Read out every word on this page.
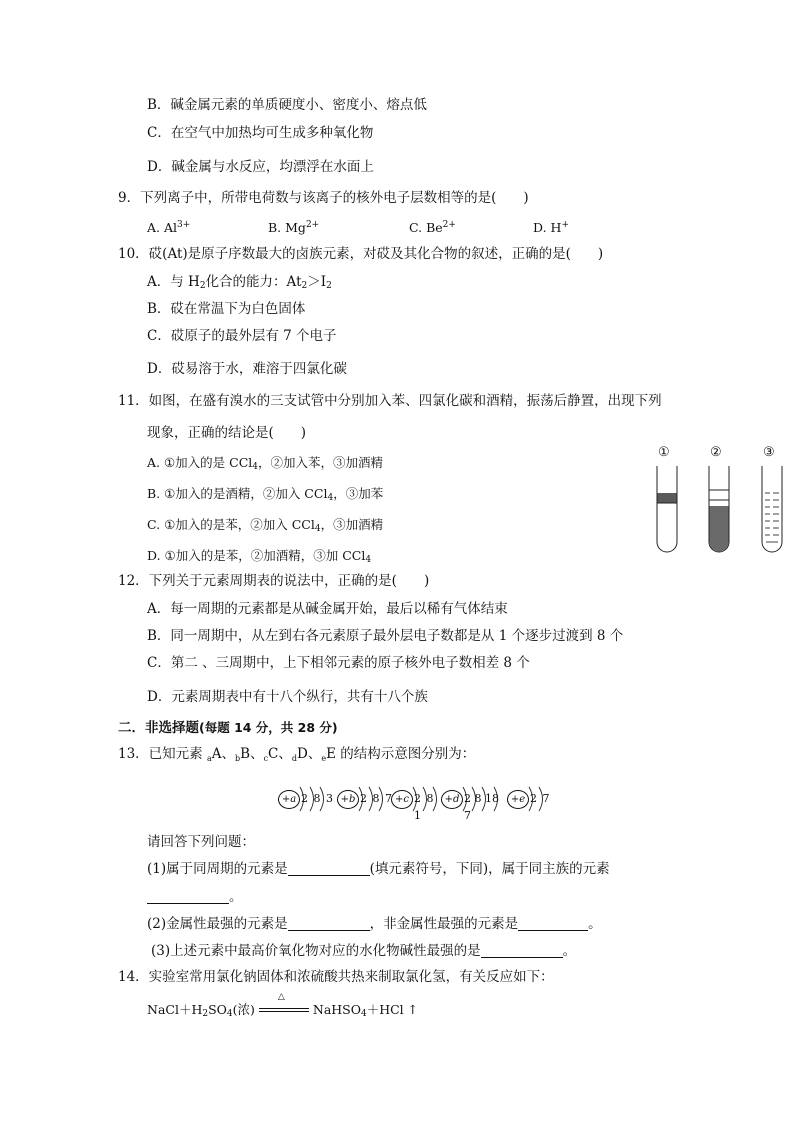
B．碱金属元素的单质硬度小、密度小、熔点低
C．在空气中加热均可生成多种氧化物
D．碱金属与水反应，均漂浮在水面上
9．下列离子中，所带电荷数与该离子的核外电子层数相等的是(　　)
A. $Al^{3+}$	B. $Mg^{2+}$	C. $Be^{2+}$	D. H+
10．砹(At)是原子序数最大的卤族元素，对砹及其化合物的叙述，正确的是(　　)
A．与 $H_2$化合的能力：$At_2>I_2$
B．砹在常温下为白色固体
C．砹原子的最外层有 7 个电子
D．砹易溶于水，难溶于四氯化碳
11．如图，在盛有溴水的三支试管中分别加入苯、四氯化碳和酒精，振荡后静置，出现下列
现象，正确的结论是(　　)
A. ①加入的是 CCl$_4$，②加入苯，③加酒精
B. ①加入的是酒精，②加入 CCl$_4$，③加苯
C. ①加入的是苯，②加入 CCl$_4$，③加酒精
D. ①加入的是苯，②加酒精，③加 CCl$_4$
①	②	③
12．下列关于元素周期表的说法中，正确的是(　　)
A．每一周期的元素都是从碱金属开始，最后以稀有气体结束
B．同一周期中，从左到右各元素原子最外层电子数都是从 1 个逐步过渡到 8 个
C．第二 、三周期中，上下相邻元素的原子核外电子数相差 8 个
D．元素周期表中有十八个纵行，共有十八个族
二．非选择题(每题 14 分，共 28 分)
13．已知元素 $_a$A、$_b$B、$_c$C、$_d$D、$_e$E 的结构示意图分别为：
+a 2 8 3 +b 2 8 7 +c 2 8 1
+d 2 8 18 7
+e 2 7
请回答下列问题：
(1)属于同周期的元素是	(填元素符号，下同)，属于同主族的元素
。
(2)金属性最强的元素是	，非金属性最强的元素是	。
(3)上述元素中最高价氧化物对应的水化物碱性最强的是	。
14．实验室常用氯化钠固体和浓硫酸共热来制取氯化氢，有关反应如下：
$NaCl+H_2SO_4$(浓)
△
NaHSO$_4$＋HCl ↑
